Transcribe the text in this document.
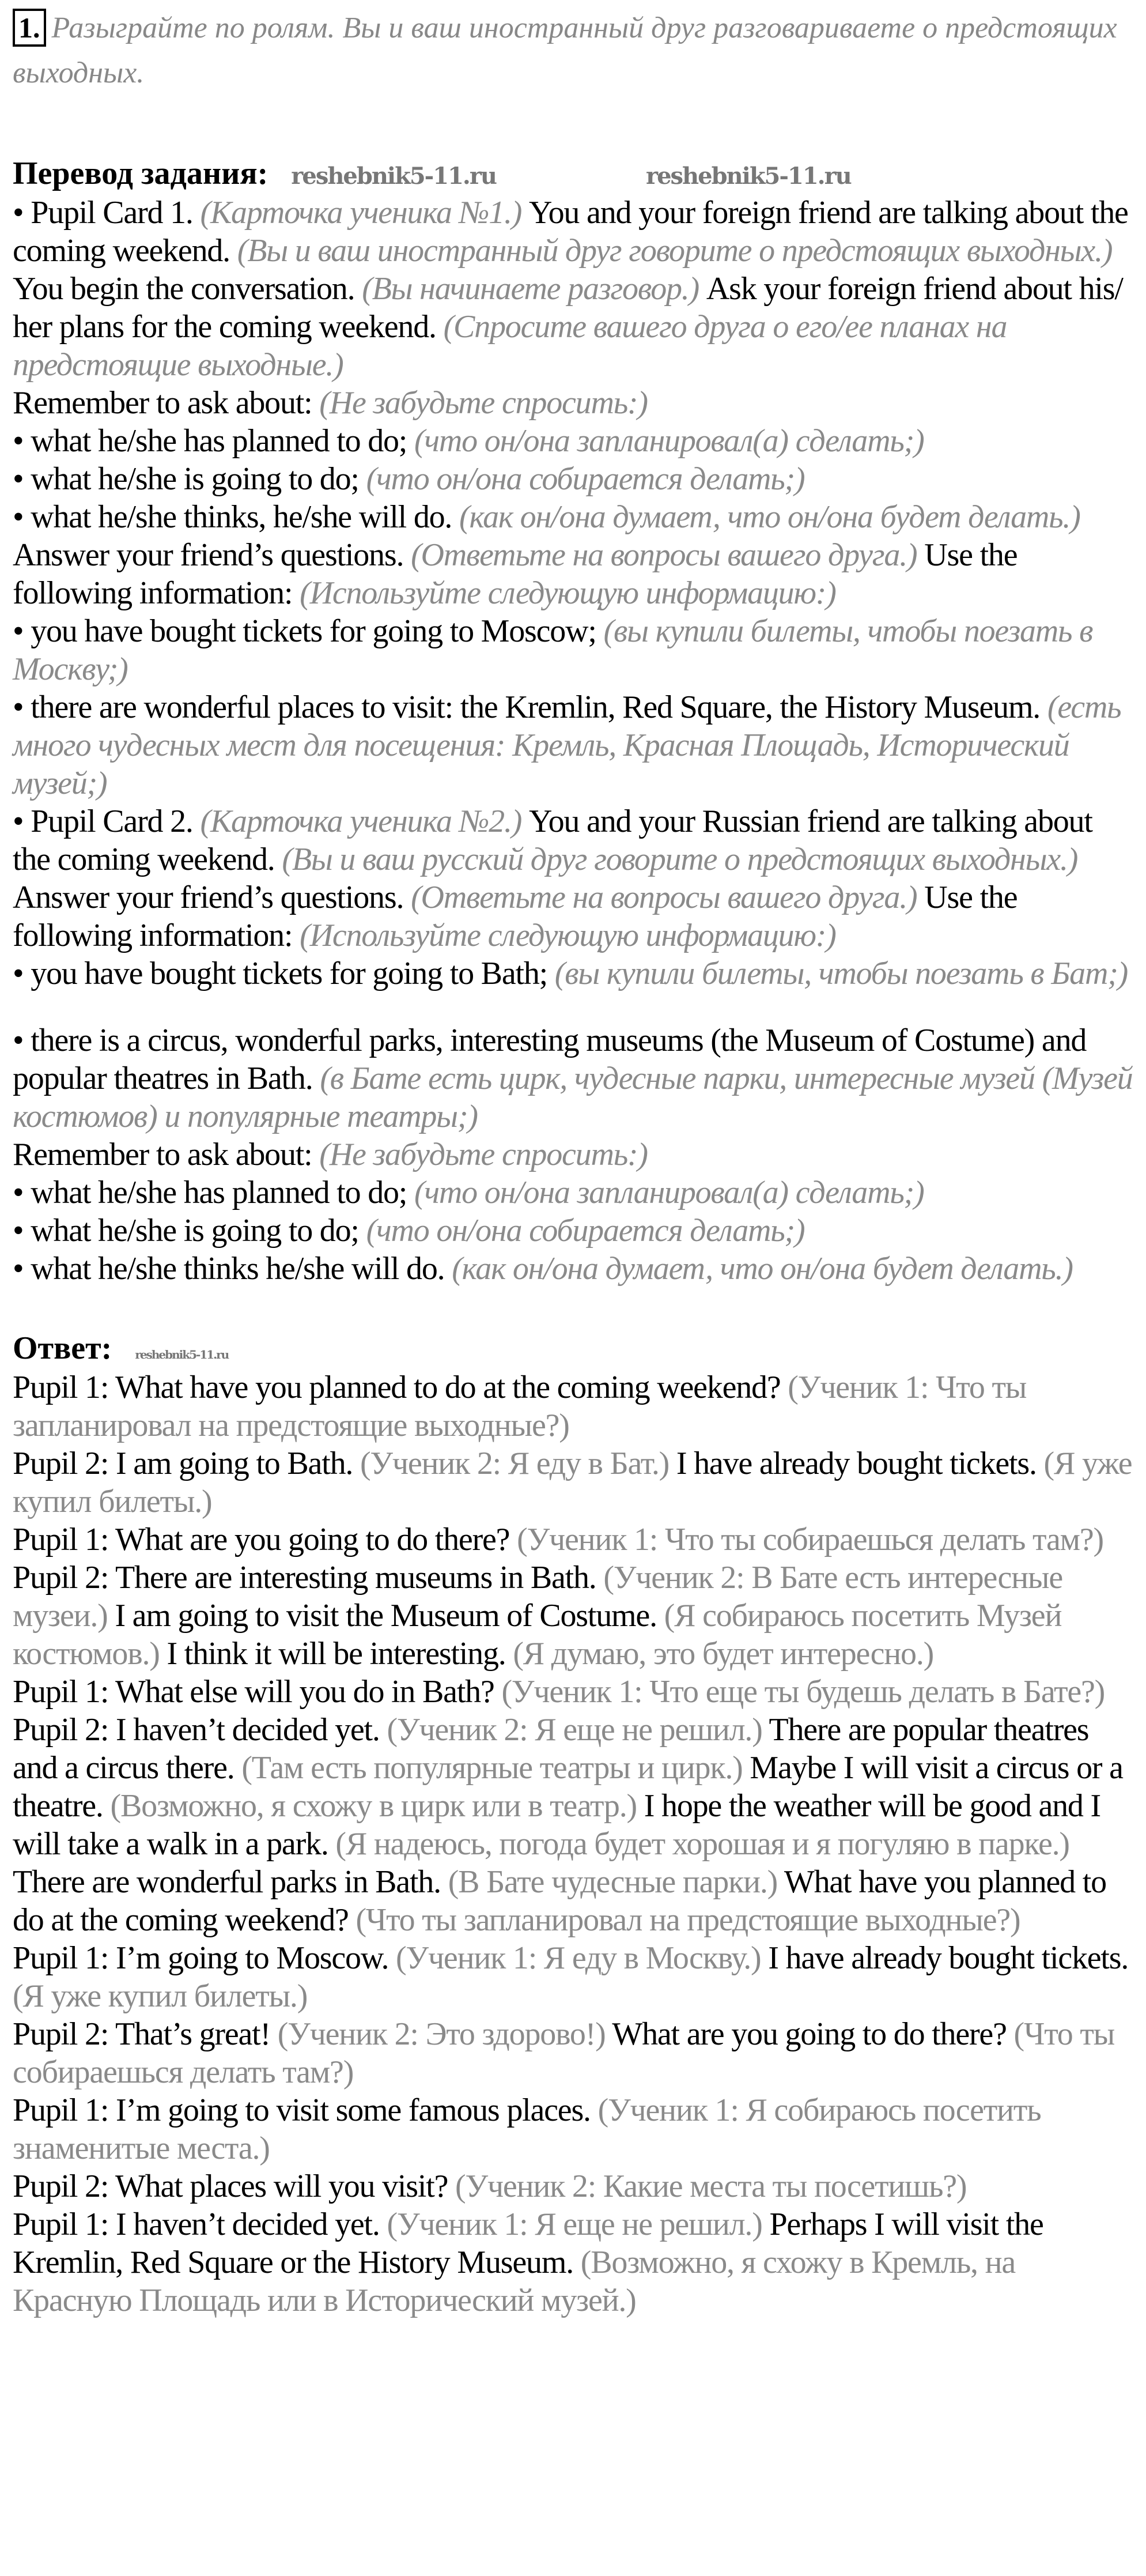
1. Разыграйте по ролям. Вы и ваш иностранный друг разговариваете о предстоящих выходных.
Перевод задания: reshebnik5-11.ru	reshebnik5-11.ru
• Pupil Card 1. (Карточка ученика №1.) You and your foreign friend are talking about the coming weekend. (Вы и ваш иностранный друг говорите о предстоящих выходных.) You begin the conversation. (Вы начинаете разговор.) Ask your foreign friend about his/ her plans for the coming weekend. (Спросите вашего друга о его/ее планах на предстоящие выходные.)
Remember to ask about: (Не забудьте спросить:)
• what he/she has planned to do; (что он/она запланировал(а) сделать;)
• what he/she is going to do; (что он/она собирается делать;)
• what he/she thinks, he/she will do. (как он/она думает, что он/она будет делать.)
Answer your friend’s questions. (Ответьте на вопросы вашего друга.) Use the following information: (Используйте следующую информацию:)
• you have bought tickets for going to Moscow; (вы купили билеты, чтобы поезать в Москву;)
• there are wonderful places to visit: the Kremlin, Red Square, the History Museum. (есть много чудесных мест для посещения: Кремль, Красная Площадь, Исторический музей;)
• Pupil Card 2. (Карточка ученика №2.) You and your Russian friend are talking about the coming weekend. (Вы и ваш русский друг говорите о предстоящих выходных.) Answer your friend’s questions. (Ответьте на вопросы вашего друга.) Use the following information: (Используйте следующую информацию:)
• you have bought tickets for going to Bath; (вы купили билеты, чтобы поезать в Бат;)
• there is a circus, wonderful parks, interesting museums (the Museum of Costume) and popular theatres in Bath. (в Бате есть цирк, чудесные парки, интересные музей (Музей костюмов) и популярные театры;)
Remember to ask about: (Не забудьте спросить:)
• what he/she has planned to do; (что он/она запланировал(а) сделать;)
• what he/she is going to do; (что он/она собирается делать;)
• what he/she thinks he/she will do. (как он/она думает, что он/она будет делать.)
Ответ: reshebnik5-11.ru
Pupil 1: What have you planned to do at the coming weekend? (Ученик 1: Что ты запланировал на предстоящие выходные?)
Pupil 2: I am going to Bath. (Ученик 2: Я еду в Бат.) I have already bought tickets. (Я уже купил билеты.)
Pupil 1: What are you going to do there? (Ученик 1: Что ты собираешься делать там?)
Pupil 2: There are interesting museums in Bath. (Ученик 2: В Бате есть интересные музеи.) I am going to visit the Museum of Costume. (Я собираюсь посетить Музей костюмов.) I think it will be interesting. (Я думаю, это будет интересно.)
Pupil 1: What else will you do in Bath? (Ученик 1: Что еще ты будешь делать в Бате?)
Pupil 2: I haven’t decided yet. (Ученик 2: Я еще не решил.) There are popular theatres and a circus there. (Там есть популярные театры и цирк.) Maybe I will visit a circus or a theatre. (Возможно, я схожу в цирк или в театр.) I hope the weather will be good and I will take a walk in a park. (Я надеюсь, погода будет хорошая и я погуляю в парке.) There are wonderful parks in Bath. (В Бате чудесные парки.) What have you planned to do at the coming weekend? (Что ты запланировал на предстоящие выходные?)
Pupil 1: I’m going to Moscow. (Ученик 1: Я еду в Москву.) I have already bought tickets. (Я уже купил билеты.)
Pupil 2: That’s great! (Ученик 2: Это здорово!) What are you going to do there? (Что ты собираешься делать там?)
Pupil 1: I’m going to visit some famous places. (Ученик 1: Я собираюсь посетить знаменитые места.)
Pupil 2: What places will you visit? (Ученик 2: Какие места ты посетишь?)
Pupil 1: I haven’t decided yet. (Ученик 1: Я еще не решил.) Perhaps I will visit the Kremlin, Red Square or the History Museum. (Возможно, я схожу в Кремль, на Красную Площадь или в Исторический музей.)
